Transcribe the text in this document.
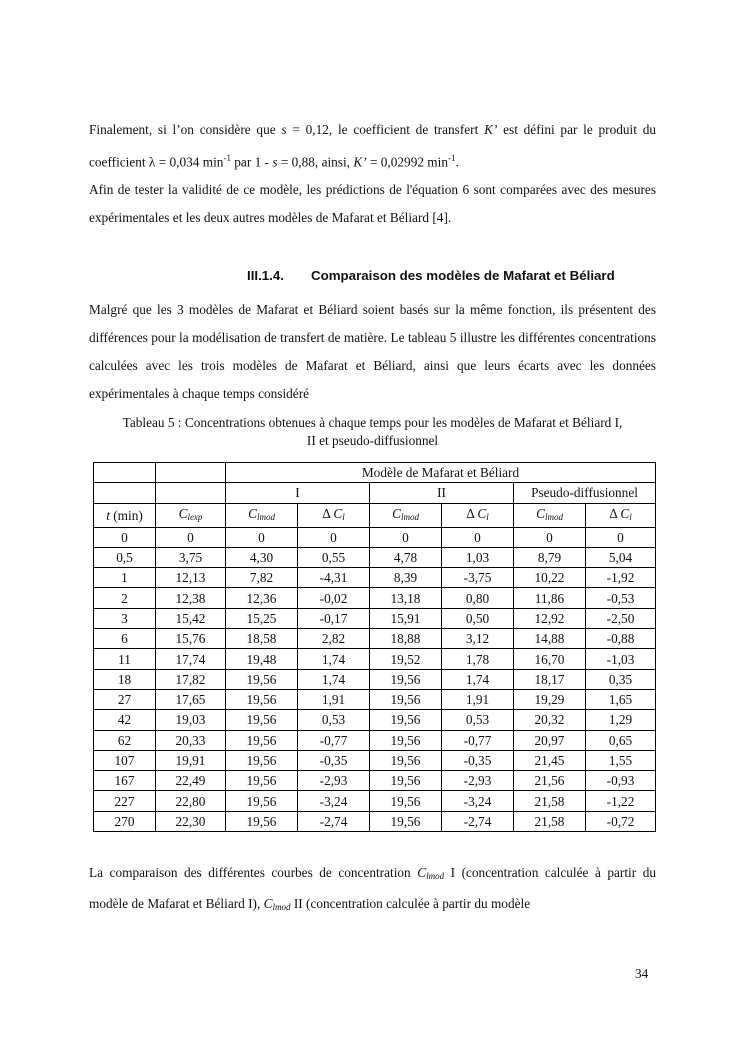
Finalement, si l’on considère que s = 0,12, le coefficient de transfert K’ est défini par le produit du coefficient λ = 0,034 $\min^{-1}$ par 1 - s = 0,88, ainsi, K’ = 0,02992 $\min^{-1}$.

Afin de tester la validité de ce modèle, les prédictions de l'équation 6 sont comparées avec des mesures expérimentales et les deux autres modèles de Mafarat et Béliard [4].

III.1.4. Comparaison des modèles de Mafarat et Béliard

Malgré que les 3 modèles de Mafarat et Béliard soient basés sur la même fonction, ils présentent des différences pour la modélisation de transfert de matière. Le tableau 5 illustre les différentes concentrations calculées avec les trois modèles de Mafarat et Béliard, ainsi que leurs écarts avec les données expérimentales à chaque temps considéré

Tableau 5 : Concentrations obtenues à chaque temps pour les modèles de Mafarat et Béliard I,
II et pseudo-diffusionnel
		Modèle de Mafarat et Béliard					
		I		II		Pseudo-diffusionnel	
t (min)	$C_{lexp}$	$C_{lmod}$	Δ $C_l$	$C_{lmod}$	Δ $C_l$	$C_{lmod}$	Δ $C_l$
0	0	0	0	0	0	0	0
0,5	3,75	4,30	0,55	4,78	1,03	8,79	5,04
1	12,13	7,82	-4,31	8,39	-3,75	10,22	-1,92
2	12,38	12,36	-0,02	13,18	0,80	11,86	-0,53
3	15,42	15,25	-0,17	15,91	0,50	12,92	-2,50
6	15,76	18,58	2,82	18,88	3,12	14,88	-0,88
11	17,74	19,48	1,74	19,52	1,78	16,70	-1,03
18	17,82	19,56	1,74	19,56	1,74	18,17	0,35
27	17,65	19,56	1,91	19,56	1,91	19,29	1,65
42	19,03	19,56	0,53	19,56	0,53	20,32	1,29
62	20,33	19,56	-0,77	19,56	-0,77	20,97	0,65
107	19,91	19,56	-0,35	19,56	-0,35	21,45	1,55
167	22,49	19,56	-2,93	19,56	-2,93	21,56	-0,93
227	22,80	19,56	-3,24	19,56	-3,24	21,58	-1,22
270	22,30	19,56	-2,74	19,56	-2,74	21,58	-0,72

La comparaison des différentes courbes de concentration $C_{lmod}$ I (concentration calculée à partir du modèle de Mafarat et Béliard I), $C_{lmod}$ II (concentration calculée à partir du modèle

34
